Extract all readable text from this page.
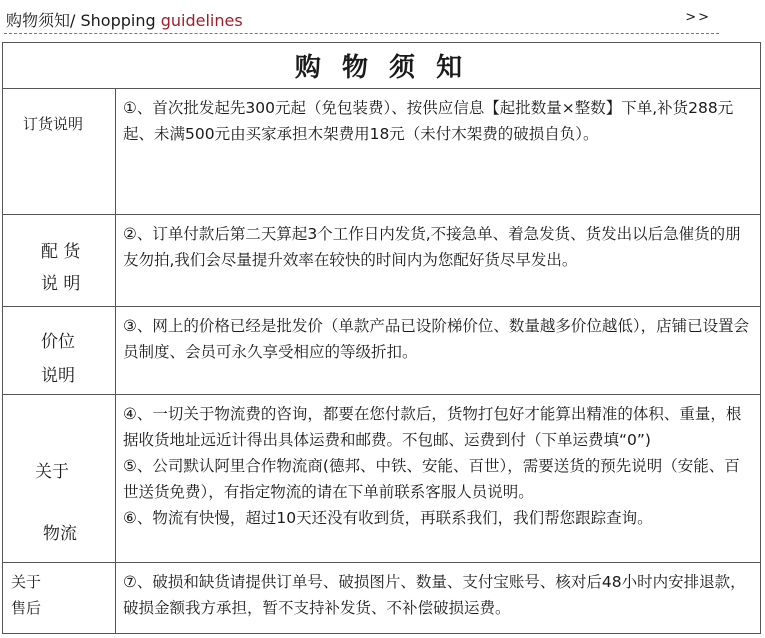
购物须知/ Shopping guidelines	>>
购 物 须 知
订货说明

①、首次批发起先300元起（免包装费）、按供应信息【起批数量×整数】下单,补货288元起、未满500元由买家承担木架费用18元（未付木架费的破损自负）。

配 货
说 明

②、订单付款后第二天算起3个工作日内发货,不接急单、着急发货、货发出以后急催货的朋友勿拍,我们会尽量提升效率在较快的时间内为您配好货尽早发出。

价位
说明

③、网上的价格已经是批发价（单款产品已设阶梯价位、数量越多价位越低），店铺已设置会员制度、会员可永久享受相应的等级折扣。

关于
物流

④、一切关于物流费的咨询，都要在您付款后，货物打包好才能算出精准的体积、重量，根据收货地址远近计得出具体运费和邮费。不包邮、运费到付（下单运费填“0”)

⑤、公司默认阿里合作物流商(德邦、中铁、安能、百世），需要送货的预先说明（安能、百世送货免费），有指定物流的请在下单前联系客服人员说明。

⑥、物流有快慢，超过10天还没有收到货，再联系我们，我们帮您跟踪查询。

关于
售后

⑦、破损和缺货请提供订单号、破损图片、数量、支付宝账号、核对后48小时内安排退款，破损金额我方承担，暂不支持补发货、不补偿破损运费。
